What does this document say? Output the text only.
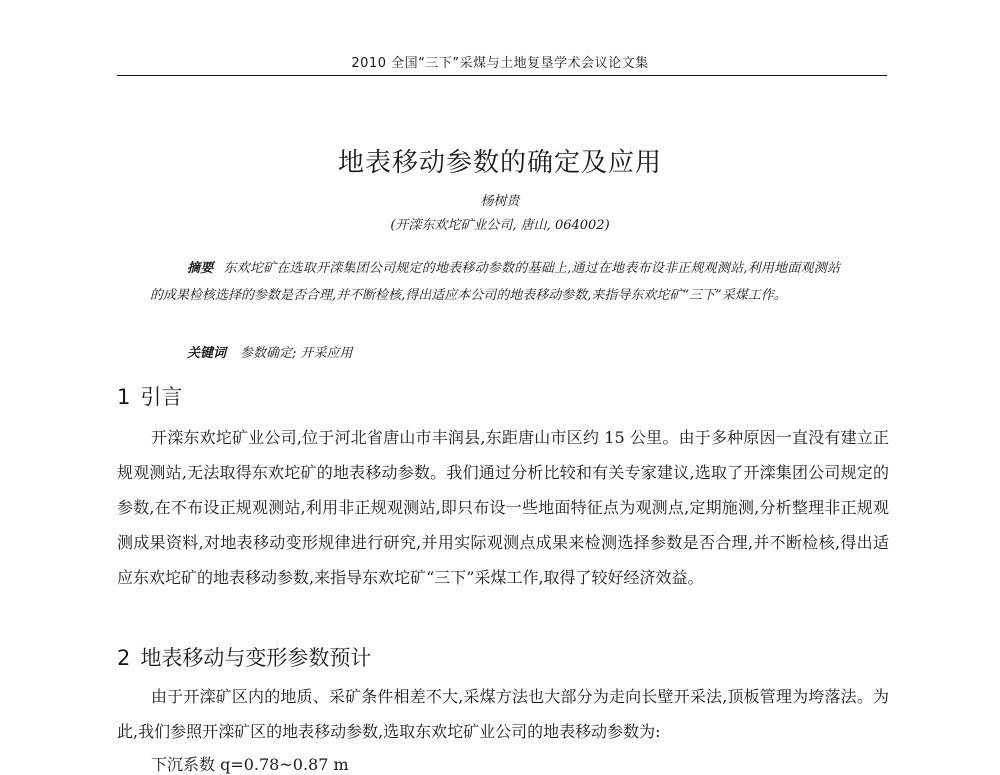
2010 全国“三下”采煤与土地复垦学术会议论文集
地表移动参数的确定及应用
杨树贵
(开滦东欢坨矿业公司, 唐山, 064002)

摘要 东欢坨矿在选取开滦集团公司规定的地表移动参数的基础上,通过在地表布设非正规观测站,利用地面观测站的成果检核选择的参数是否合理,并不断检核,得出适应本公司的地表移动参数,来指导东欢坨矿“三下”采煤工作。

关键词 参数确定; 开采应用
1 引言

开滦东欢坨矿业公司,位于河北省唐山市丰润县,东距唐山市区约 15 公里。由于多种原因一直没有建立正规观测站,无法取得东欢坨矿的地表移动参数。我们通过分析比较和有关专家建议,选取了开滦集团公司规定的参数,在不布设正规观测站,利用非正规观测站,即只布设一些地面特征点为观测点,定期施测,分析整理非正规观测成果资料,对地表移动变形规律进行研究,并用实际观测点成果来检测选择参数是否合理,并不断检核,得出适应东欢坨矿的地表移动参数,来指导东欢坨矿“三下”采煤工作,取得了较好经济效益。

2 地表移动与变形参数预计

由于开滦矿区内的地质、采矿条件相差不大,采煤方法也大部分为走向长壁开采法,顶板管理为垮落法。为此,我们参照开滦矿区的地表移动参数,选取东欢坨矿业公司的地表移动参数为:

下沉系数 q=0.78~0.87 m
